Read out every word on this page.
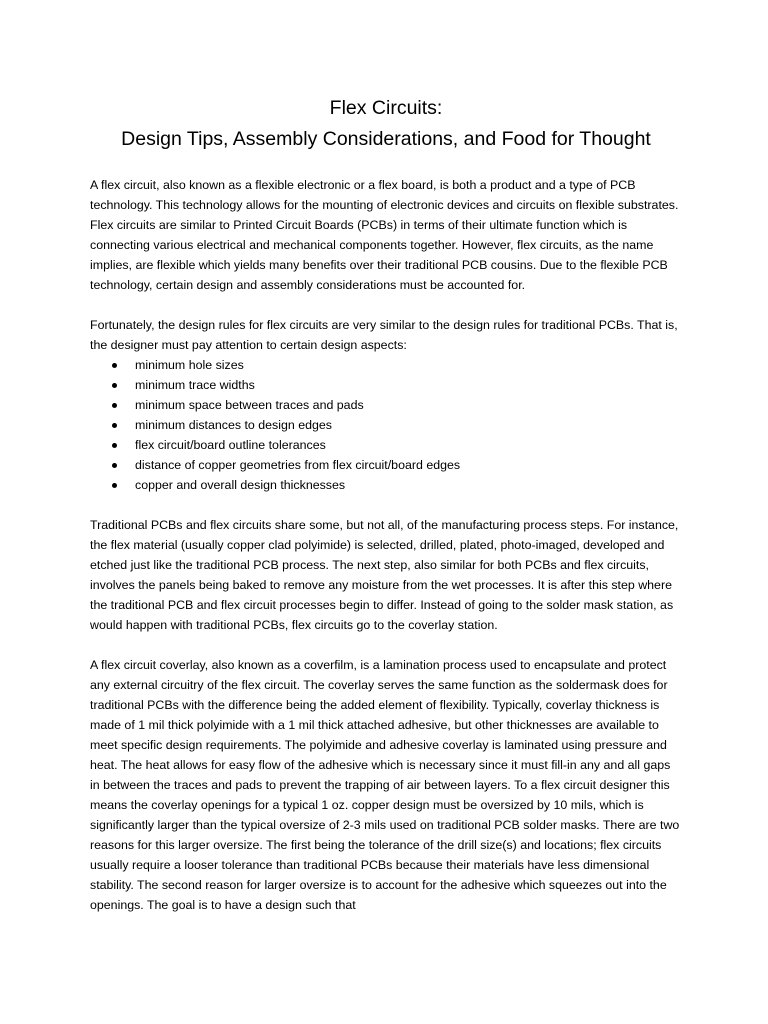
Flex Circuits:
Design Tips, Assembly Considerations, and Food for Thought

A flex circuit, also known as a flexible electronic or a flex board, is both a product and a type of PCB technology. This technology allows for the mounting of electronic devices and circuits on flexible substrates. Flex circuits are similar to Printed Circuit Boards (PCBs) in terms of their ultimate function which is connecting various electrical and mechanical components together. However, flex circuits, as the name implies, are flexible which yields many benefits over their traditional PCB cousins. Due to the flexible PCB technology, certain design and assembly considerations must be accounted for.

Fortunately, the design rules for flex circuits are very similar to the design rules for traditional PCBs. That is, the designer must pay attention to certain design aspects:

minimum hole sizes
minimum trace widths
minimum space between traces and pads
minimum distances to design edges
flex circuit/board outline tolerances
distance of copper geometries from flex circuit/board edges
copper and overall design thicknesses

Traditional PCBs and flex circuits share some, but not all, of the manufacturing process steps. For instance, the flex material (usually copper clad polyimide) is selected, drilled, plated, photo-imaged, developed and etched just like the traditional PCB process. The next step, also similar for both PCBs and flex circuits, involves the panels being baked to remove any moisture from the wet processes. It is after this step where the traditional PCB and flex circuit processes begin to differ. Instead of going to the solder mask station, as would happen with traditional PCBs, flex circuits go to the coverlay station.

A flex circuit coverlay, also known as a coverfilm, is a lamination process used to encapsulate and protect any external circuitry of the flex circuit. The coverlay serves the same function as the soldermask does for traditional PCBs with the difference being the added element of flexibility. Typically, coverlay thickness is made of 1 mil thick polyimide with a 1 mil thick attached adhesive, but other thicknesses are available to meet specific design requirements. The polyimide and adhesive coverlay is laminated using pressure and heat. The heat allows for easy flow of the adhesive which is necessary since it must fill-in any and all gaps in between the traces and pads to prevent the trapping of air between layers. To a flex circuit designer this means the coverlay openings for a typical 1 oz. copper design must be oversized by 10 mils, which is significantly larger than the typical oversize of 2-3 mils used on traditional PCB solder masks. There are two reasons for this larger oversize. The first being the tolerance of the drill size(s) and locations; flex circuits usually require a looser tolerance than traditional PCBs because their materials have less dimensional stability. The second reason for larger oversize is to account for the adhesive which squeezes out into the openings. The goal is to have a design such that
